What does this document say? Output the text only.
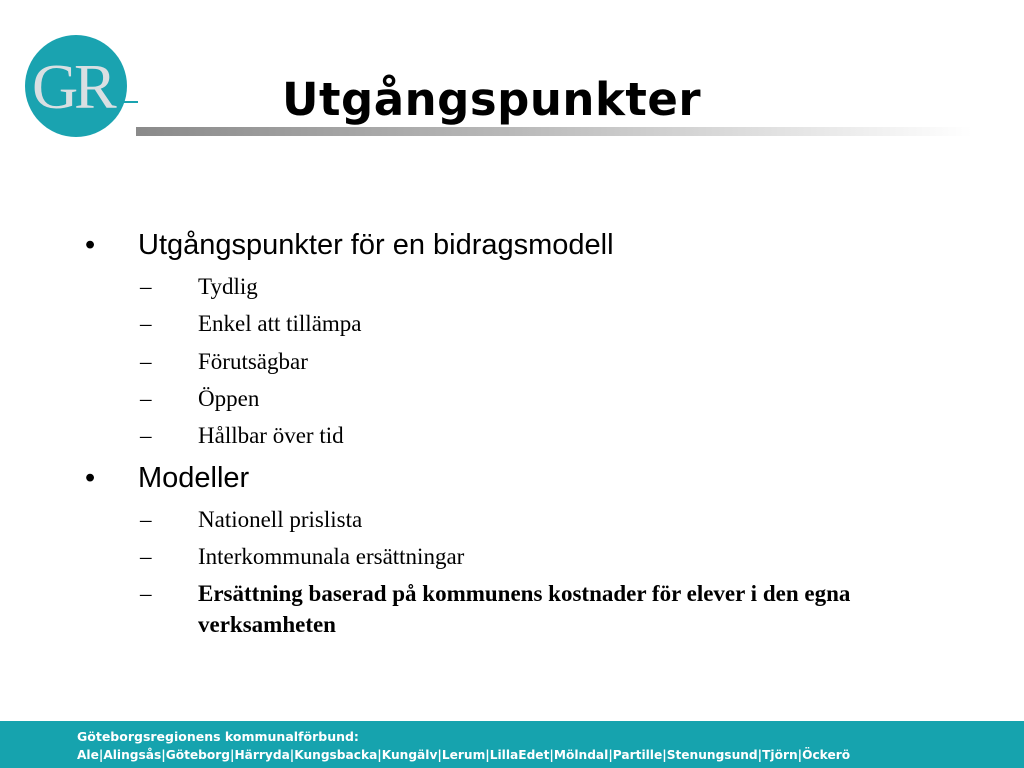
G
R	Utgångspunkter
• Utgångspunkter för en bidragsmodell
– Tydlig
– Enkel att tillämpa
– Förutsägbar
– Öppen
– Hållbar över tid
• Modeller
– Nationell prislista
– Interkommunala ersättningar
– Ersättning baserad på kommunens kostnader för elever i den egna verksamheten
Göteborgsregionens kommunalförbund:
Ale|Alingsås|Göteborg|Härryda|Kungsbacka|Kungälv|Lerum|LillaEdet|Mölndal|Partille|Stenungsund|Tjörn|Öckerö
